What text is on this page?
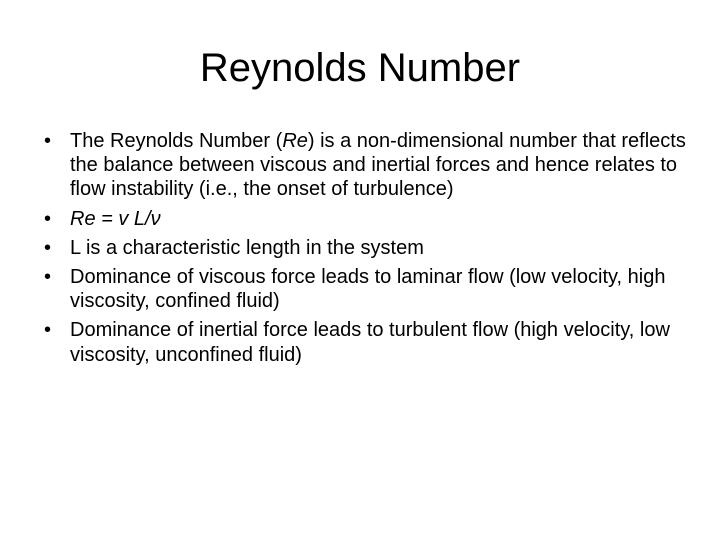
Reynolds Number
• The Reynolds Number (Re) is a non-dimensional number that reflects the balance between viscous and inertial forces and hence relates to flow instability (i.e., the onset of turbulence)
• Re = v L/ν
• L is a characteristic length in the system
• Dominance of viscous force leads to laminar flow (low velocity, high viscosity, confined fluid)
• Dominance of inertial force leads to turbulent flow (high velocity, low viscosity, unconfined fluid)
